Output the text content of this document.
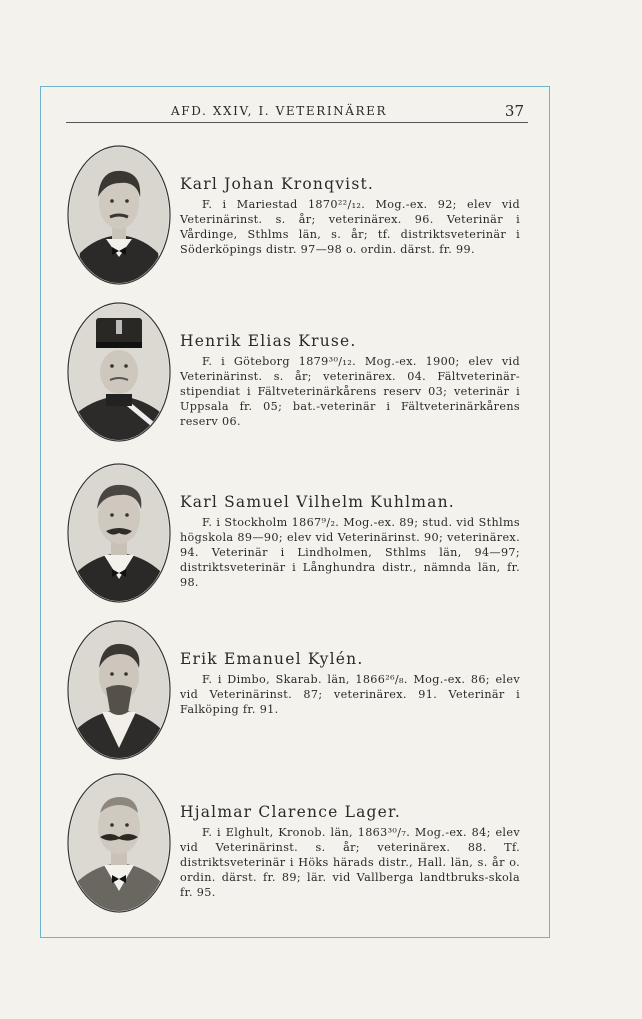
AFD. XXIV, I. VETERINÄRER	37
Karl Johan Kronqvist.
F. i Mariestad 1870²²/₁₂. Mog.-ex. 92; elev vid Veterinärinst. s. år; veterinärex. 96. Veterinär i Vårdinge, Sthlms län, s. år; tf. distriktsveterinär i Söderköpings distr. 97—98 o. ordin. därst. fr. 99.
Henrik Elias Kruse.
F. i Göteborg 1879³⁰/₁₂. Mog.-ex. 1900; elev vid Veterinärinst. s. år; veterinärex. 04. Fältveterinär-stipendiat i Fältveterinärkårens reserv 03; veterinär i Uppsala fr. 05; bat.-veterinär i Fältveterinärkårens reserv 06.
Karl Samuel Vilhelm Kuhlman.
F. i Stockholm 1867⁹/₂. Mog.-ex. 89; stud. vid Sthlms högskola 89—90; elev vid Veterinärinst. 90; veterinärex. 94. Veterinär i Lindholmen, Sthlms län, 94—97; distriktsveterinär i Långhundra distr., nämnda län, fr. 98.
Erik Emanuel Kylén.
F. i Dimbo, Skarab. län, 1866²⁶/₈. Mog.-ex. 86; elev vid Veterinärinst. 87; veterinärex. 91. Veterinär i Falköping fr. 91.
Hjalmar Clarence Lager.
F. i Elghult, Kronob. län, 1863³⁰/₇. Mog.-ex. 84; elev vid Veterinärinst. s. år; veterinärex. 88. Tf. distriktsveterinär i Höks härads distr., Hall. län, s. år o. ordin. därst. fr. 89; lär. vid Vallberga landtbruks-skola fr. 95.
